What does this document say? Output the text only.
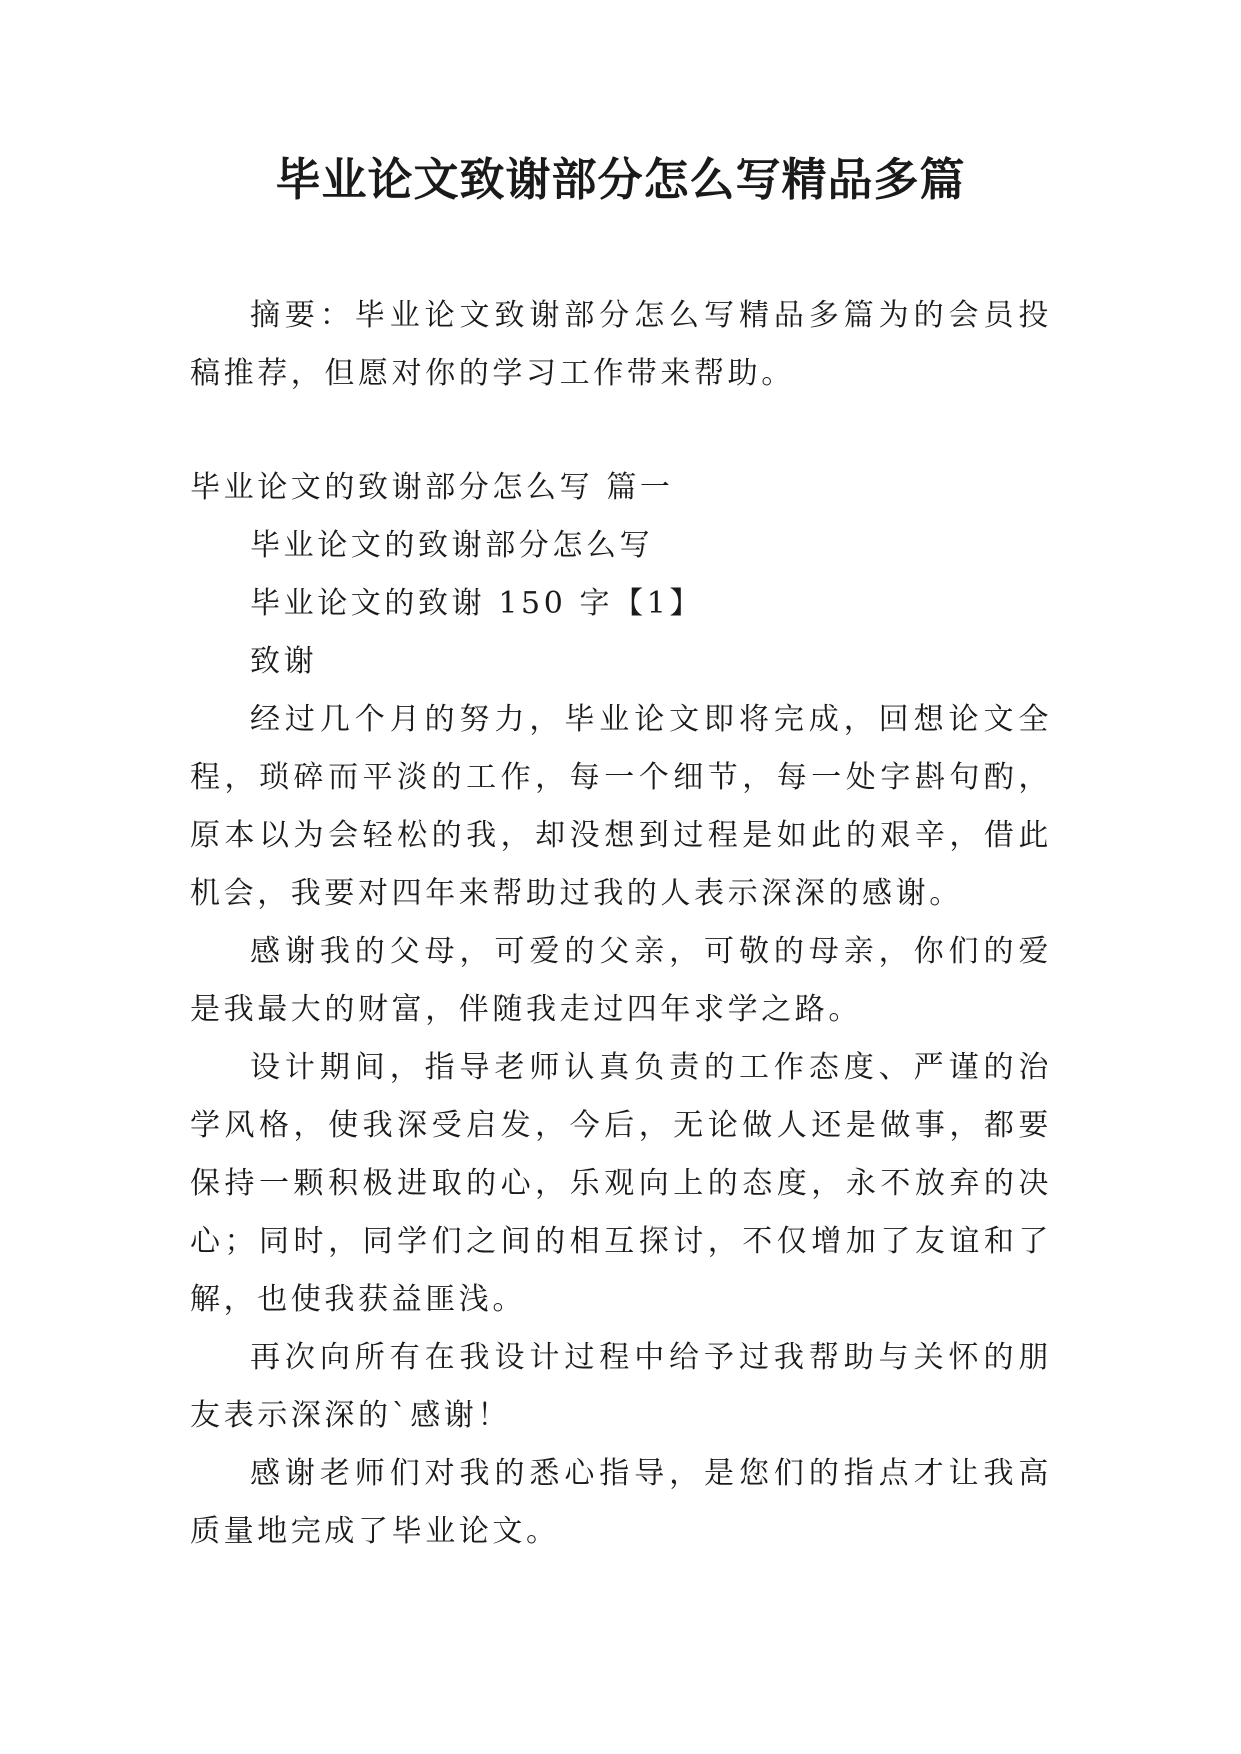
毕业论文致谢部分怎么写精品多篇

摘要：毕业论文致谢部分怎么写精品多篇为的会员投稿推荐，但愿对你的学习工作带来帮助。

毕业论文的致谢部分怎么写 篇一

毕业论文的致谢部分怎么写

毕业论文的致谢 150 字【1】

致谢

经过几个月的努力，毕业论文即将完成，回想论文全程，琐碎而平淡的工作，每一个细节，每一处字斟句酌，原本以为会轻松的我，却没想到过程是如此的艰辛，借此机会，我要对四年来帮助过我的人表示深深的感谢。

感谢我的父母，可爱的父亲，可敬的母亲，你们的爱是我最大的财富，伴随我走过四年求学之路。

设计期间，指导老师认真负责的工作态度、严谨的治学风格，使我深受启发，今后，无论做人还是做事，都要保持一颗积极进取的心，乐观向上的态度，永不放弃的决心；同时，同学们之间的相互探讨，不仅增加了友谊和了解，也使我获益匪浅。

再次向所有在我设计过程中给予过我帮助与关怀的朋友表示深深的`感谢！

感谢老师们对我的悉心指导，是您们的指点才让我高质量地完成了毕业论文。
